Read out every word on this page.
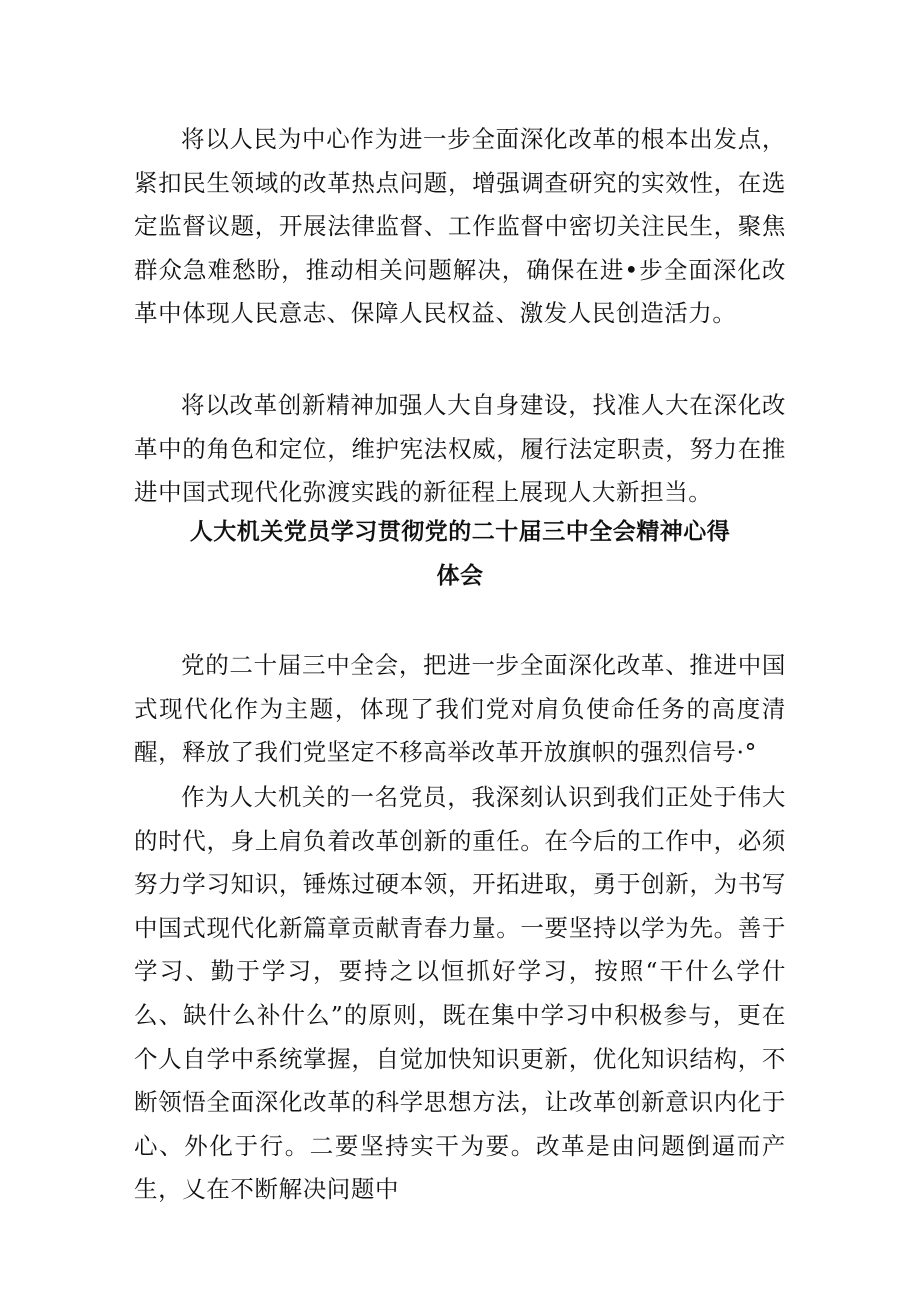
将以人民为中心作为进一步全面深化改革的根本出发点，紧扣民生领域的改革热点问题，增强调查研究的实效性，在选定监督议题，开展法律监督、工作监督中密切关注民生，聚焦群众急难愁盼，推动相关问题解决，确保在进•步全面深化改革中体现人民意志、保障人民权益、激发人民创造活力。

将以改革创新精神加强人大自身建设，找准人大在深化改革中的角色和定位，维护宪法权威，履行法定职责，努力在推进中国式现代化弥渡实践的新征程上展现人大新担当。

人大机关党员学习贯彻党的二十届三中全会精神心得
体会

党的二十届三中全会，把进一步全面深化改革、推进中国式现代化作为主题，体现了我们党对肩负使命任务的高度清醒，释放了我们党坚定不移高举改革开放旗帜的强烈信号·°

作为人大机关的一名党员，我深刻认识到我们正处于伟大的时代，身上肩负着改革创新的重任。在今后的工作中，必须努力学习知识，锤炼过硬本领，开拓进取，勇于创新，为书写中国式现代化新篇章贡献青春力量。一要坚持以学为先。善于学习、勤于学习，要持之以恒抓好学习，按照“干什么学什么、缺什么补什么”的原则，既在集中学习中积极参与，更在个人自学中系统掌握，自觉加快知识更新，优化知识结构，不断领悟全面深化改革的科学思想方法，让改革创新意识内化于心、外化于行。二要坚持实干为要。改革是由问题倒逼而产生，乂在不断解决问题中
